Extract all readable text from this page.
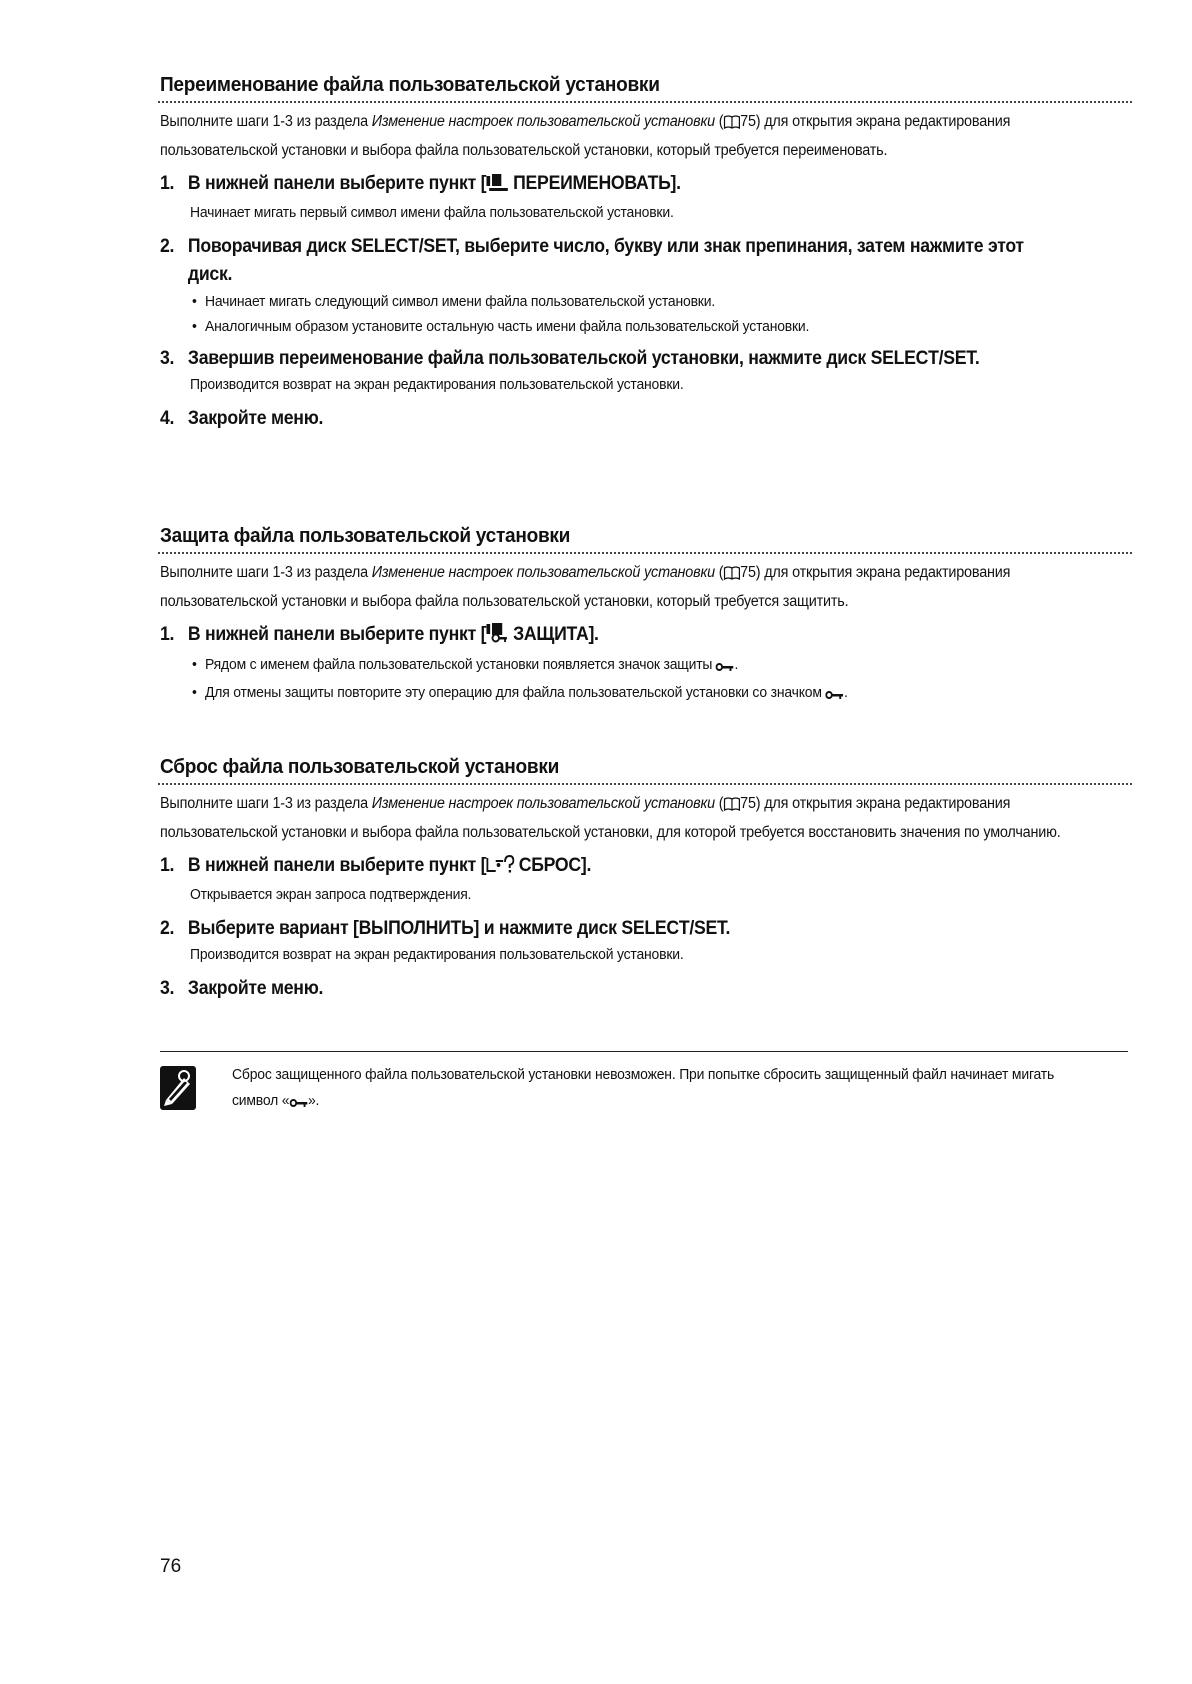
Переименование файла пользовательской установки

Выполните шаги 1-3 из раздела Изменение настроек пользовательской установки ( 75) для открытия экрана редактирования пользовательской установки и выбора файла пользовательской установки, который требуется переименовать.

1. В нижней панели выберите пункт [ ПЕРЕИМЕНОВАТЬ].

Начинает мигать первый символ имени файла пользовательской установки.

2. Поворачивая диск SELECT/SET, выберите число, букву или знак препинания, затем нажмите этот диск.

• Начинает мигать следующий символ имени файла пользовательской установки.

• Аналогичным образом установите остальную часть имени файла пользовательской установки.

3. Завершив переименование файла пользовательской установки, нажмите диск SELECT/SET.

Производится возврат на экран редактирования пользовательской установки.

4. Закройте меню.

Защита файла пользовательской установки

Выполните шаги 1-3 из раздела Изменение настроек пользовательской установки ( 75) для открытия экрана редактирования пользовательской установки и выбора файла пользовательской установки, который требуется защитить.

1. В нижней панели выберите пункт [ ЗАЩИТА].

• Рядом с именем файла пользовательской установки появляется значок защиты .

• Для отмены защиты повторите эту операцию для файла пользовательской установки со значком .

Сброс файла пользовательской установки

Выполните шаги 1-3 из раздела Изменение настроек пользовательской установки ( 75) для открытия экрана редактирования пользовательской установки и выбора файла пользовательской установки, для которой требуется восстановить значения по умолчанию.

1. В нижней панели выберите пункт [ СБРОС].

Открывается экран запроса подтверждения.

2. Выберите вариант [ВЫПОЛНИТЬ] и нажмите диск SELECT/SET.

Производится возврат на экран редактирования пользовательской установки.

3. Закройте меню.

Сброс защищенного файла пользовательской установки невозможен. При попытке сбросить защищенный файл начинает мигать символ « ».
76
